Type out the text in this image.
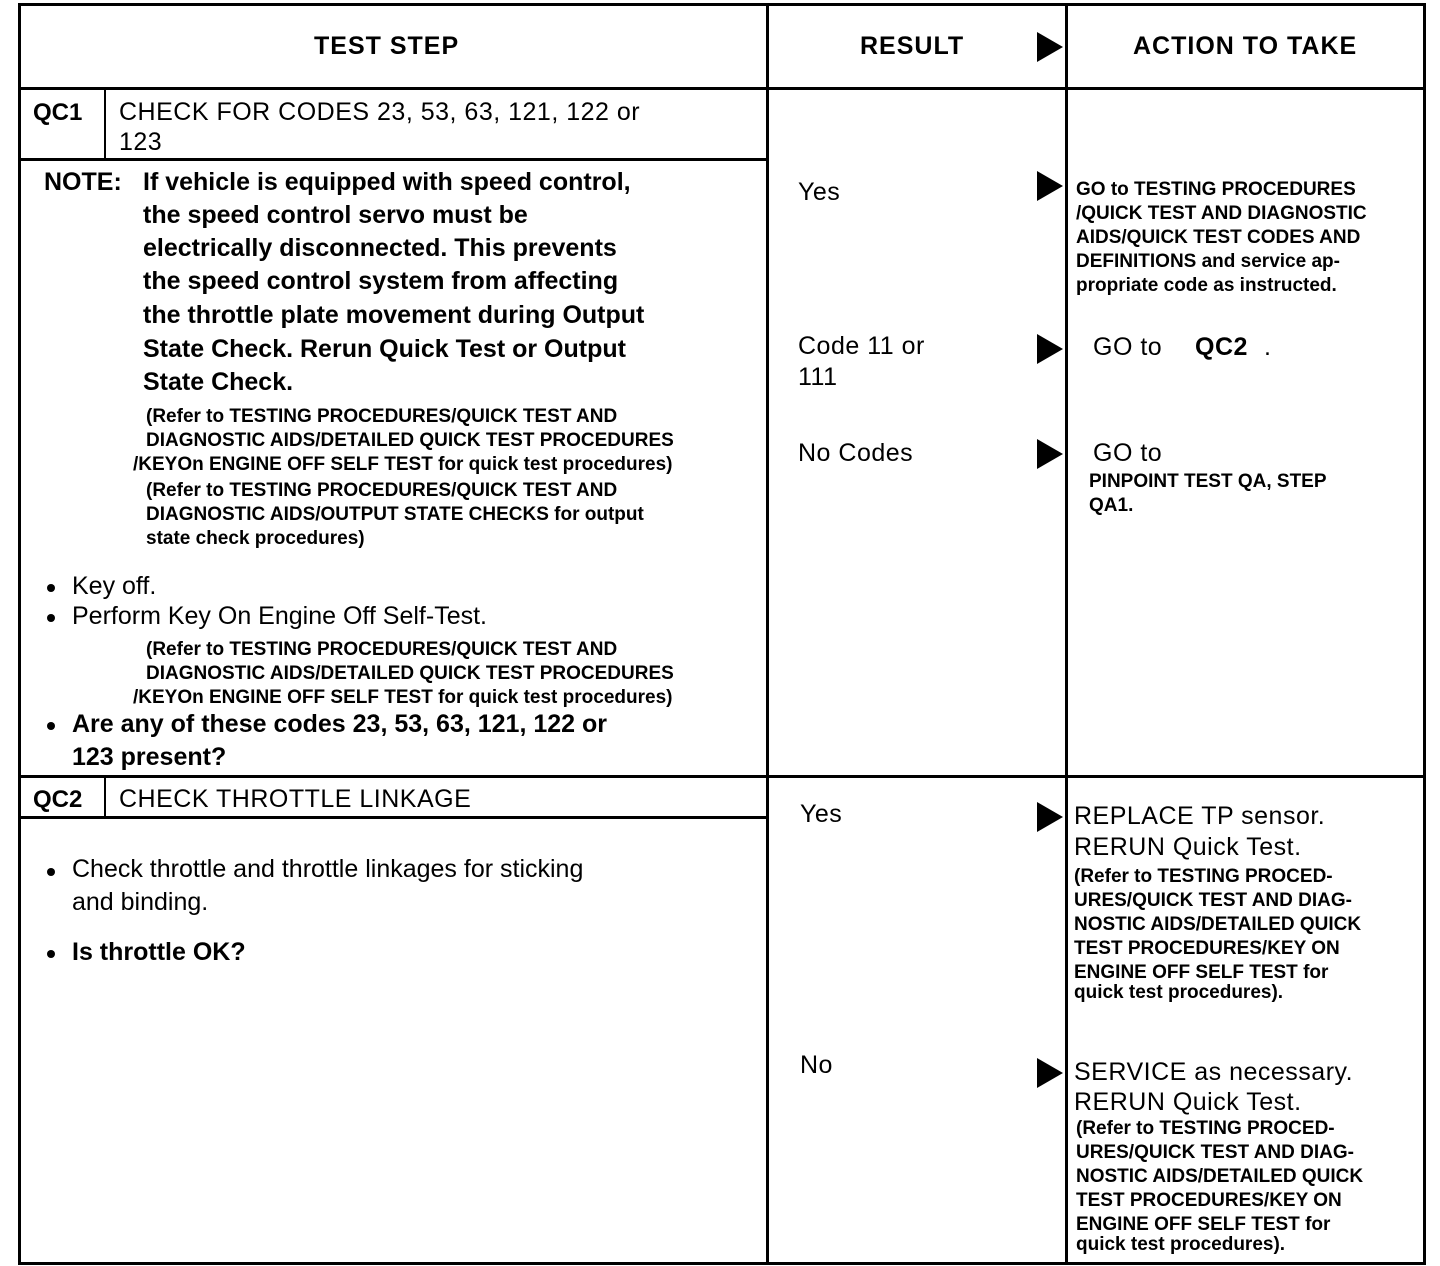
TEST STEP	RESULT	ACTION TO TAKE
QC1 CHECK FOR CODES 23, 53, 63, 121, 122 or
123
NOTE: If vehicle is equipped with speed control,
the speed control servo must be
electrically disconnected. This prevents
the speed control system from affecting
the throttle plate movement during Output
State Check. Rerun Quick Test or Output
State Check.
(Refer to TESTING PROCEDURES/QUICK TEST AND
DIAGNOSTIC AIDS/DETAILED QUICK TEST PROCEDURES
/KEYOn ENGINE OFF SELF TEST for quick test procedures)
(Refer to TESTING PROCEDURES/QUICK TEST AND
DIAGNOSTIC AIDS/OUTPUT STATE CHECKS for output
state check procedures)
Key off.
Perform Key On Engine Off Self-Test.
(Refer to TESTING PROCEDURES/QUICK TEST AND
DIAGNOSTIC AIDS/DETAILED QUICK TEST PROCEDURES
/KEYOn ENGINE OFF SELF TEST for quick test procedures)
Are any of these codes 23, 53, 63, 121, 122 or
123 present?
Yes
Code 11 or
111
No Codes
GO to TESTING PROCEDURES
/QUICK TEST AND DIAGNOSTIC
AIDS/QUICK TEST CODES AND
DEFINITIONS and service ap-
propriate code as instructed.
GO to QC2 .
GO to
PINPOINT TEST QA, STEP
QA1.
QC2 CHECK THROTTLE LINKAGE
Check throttle and throttle linkages for sticking
and binding.
Is throttle OK?
Yes
No
REPLACE TP sensor.
RERUN Quick Test.
(Refer to TESTING PROCED-
URES/QUICK TEST AND DIAG-
NOSTIC AIDS/DETAILED QUICK
TEST PROCEDURES/KEY ON
ENGINE OFF SELF TEST for
quick test procedures).
SERVICE as necessary.
RERUN Quick Test.
(Refer to TESTING PROCED-
URES/QUICK TEST AND DIAG-
NOSTIC AIDS/DETAILED QUICK
TEST PROCEDURES/KEY ON
ENGINE OFF SELF TEST for
quick test procedures).
